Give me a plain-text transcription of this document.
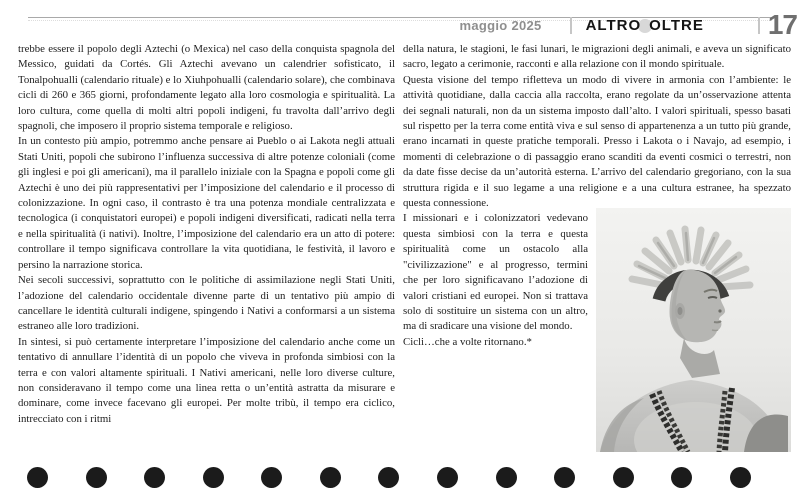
maggio 2025	ALTRO OLTRE 17

trebbe essere il popolo degli Aztechi (o Mexica) nel caso della conquista spagnola del Messico, guidati da Cortés. Gli Aztechi avevano un calendrier sofisticato, il Tonalpohualli (calendario rituale) e lo Xiuhpohualli (calendario solare), che combinava cicli di 260 e 365 giorni, profondamente legato alla loro cosmologia e spiritualità. La loro cultura, come quella di molti altri popoli indigeni, fu travolta dall’arrivo degli spagnoli, che imposero il proprio sistema temporale e religioso.

In un contesto più ampio, potremmo anche pensare ai Pueblo o ai Lakota negli attuali Stati Uniti, popoli che subirono l’influenza successiva di altre potenze coloniali (come gli inglesi e poi gli americani), ma il parallelo iniziale con la Spagna e popoli come gli Aztechi è uno dei più rappresentativi per l’imposizione del calendario e il processo di colonizzazione. In ogni caso, il contrasto è tra una potenza mondiale centralizzata e tecnologica (i conquistatori europei) e popoli indigeni diversificati, radicati nella terra e nella spiritualità (i nativi). Inoltre, l’imposizione del calendario era un atto di potere: controllare il tempo significava controllare la vita quotidiana, le festività, il lavoro e persino la narrazione storica.

Nei secoli successivi, soprattutto con le politiche di assimilazione negli Stati Uniti, l’adozione del calendario occidentale divenne parte di un tentativo più ampio di cancellare le identità culturali indigene, spingendo i Nativi a conformarsi a un sistema estraneo alle loro tradizioni.

In sintesi, si può certamente interpretare l’imposizione del calendario anche come un tentativo di annullare l’identità di un popolo che viveva in profonda simbiosi con la terra e con valori altamente spirituali. I Nativi americani, nelle loro diverse culture, non consideravano il tempo come una linea retta o un’entità astratta da misurare e dominare, come invece facevano gli europei. Per molte tribù, il tempo era ciclico, intrecciato con i ritmi

della natura, le stagioni, le fasi lunari, le migrazioni degli animali, e aveva un significato sacro, legato a cerimonie, racconti e alla relazione con il mondo spirituale.

Questa visione del tempo rifletteva un modo di vivere in armonia con l’ambiente: le attività quotidiane, dalla caccia alla raccolta, erano regolate da un’osservazione attenta dei segnali naturali, non da un sistema imposto dall’alto. I valori spirituali, spesso basati sul rispetto per la terra come entità viva e sul senso di appartenenza a un tutto più grande, erano incarnati in queste pratiche temporali. Presso i Lakota o i Navajo, ad esempio, i momenti di celebrazione o di passaggio erano scanditi da eventi cosmici o terrestri, non da date fisse decise da un’autorità esterna. L’arrivo del calendario gregoriano, con la sua struttura rigida e il suo legame a una religione e a una cultura estranee, ha spezzato questa connessione.

I missionari e i colonizzatori vedevano questa simbiosi con la terra e questa spiritualità come un ostacolo alla "civilizzazione" e al progresso, termini che per loro significavano l’adozione di valori cristiani ed europei. Non si trattava solo di sostituire un sistema con un altro, ma di sradicare una visione del mondo.

Cicli…che a volte ritornano.*
